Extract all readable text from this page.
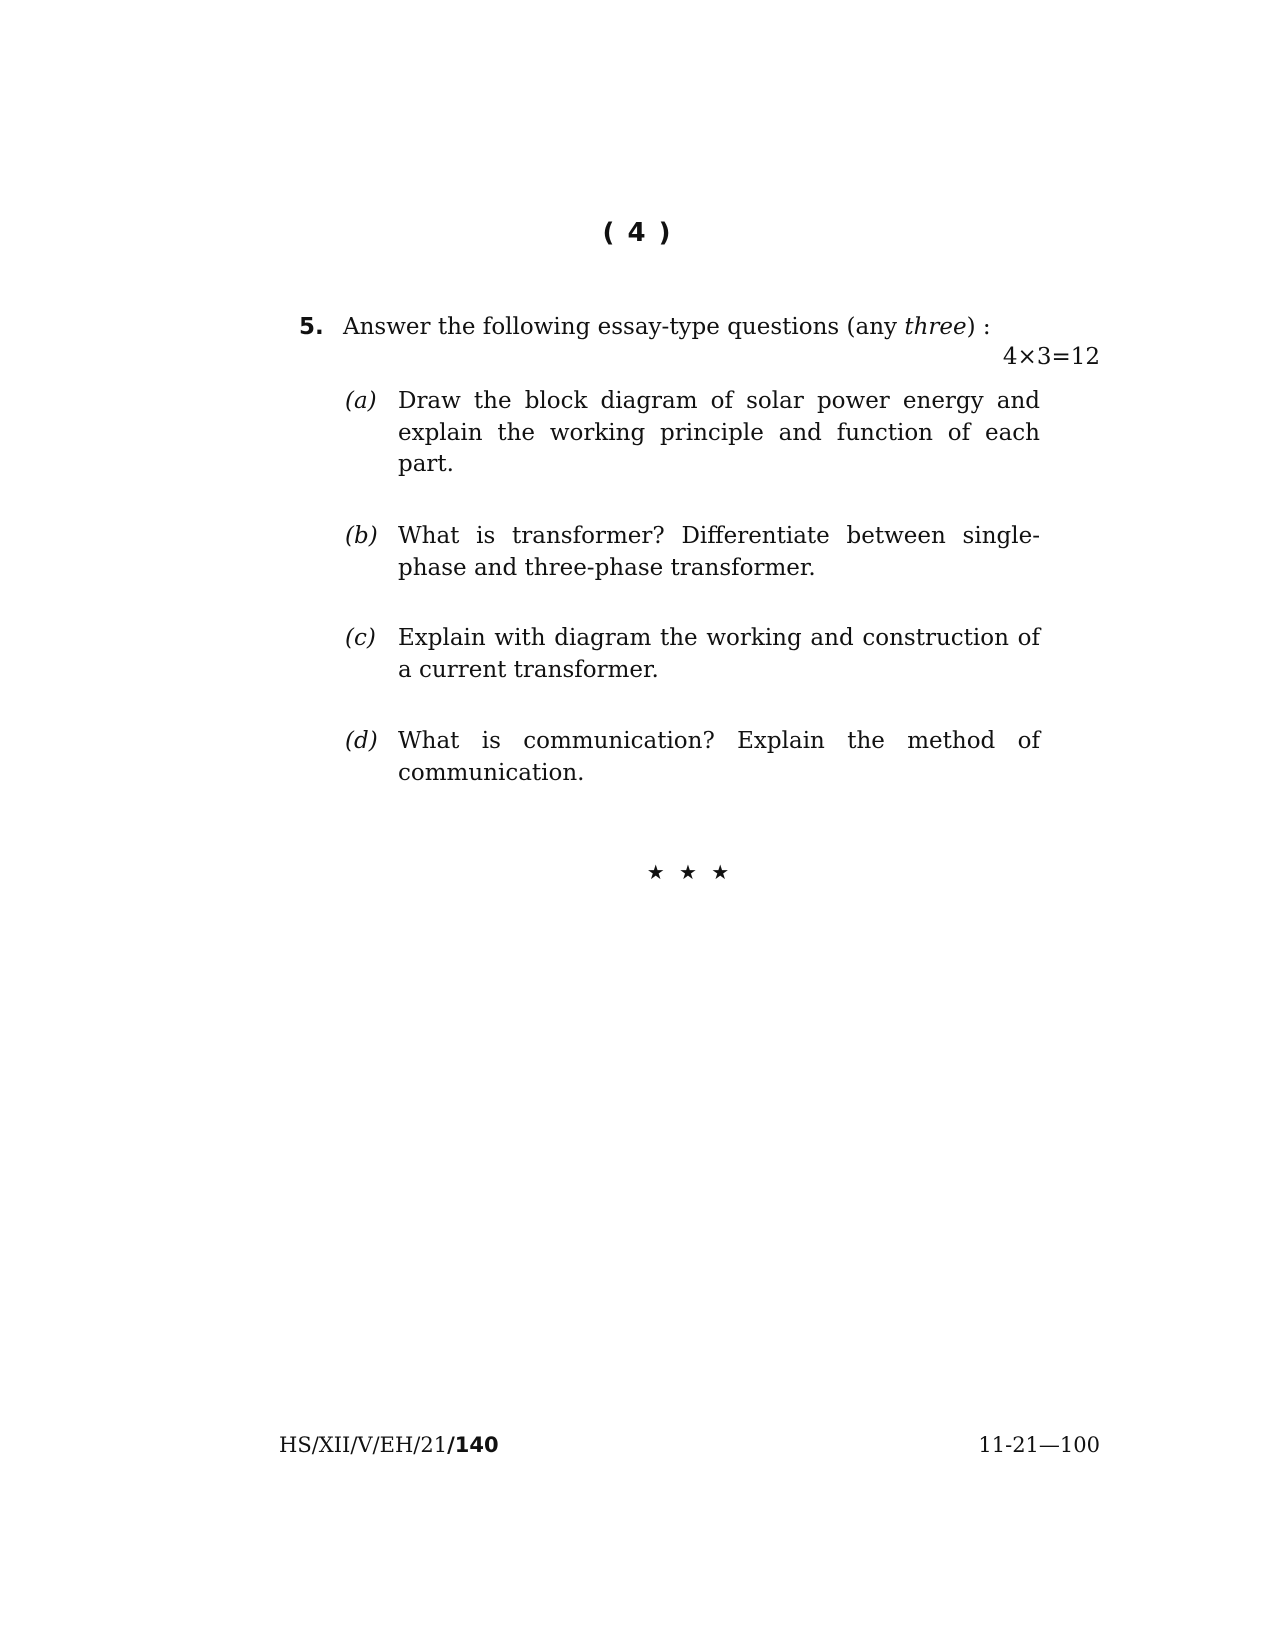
( 4 )
5. Answer the following essay-type questions (any three) :
4×3=12
(a) Draw the block diagram of solar power energy and explain the working principle and function of each part.
(b) What is transformer? Differentiate between single-phase and three-phase transformer.
(c) Explain with diagram the working and construction of a current transformer.
(d) What is communication? Explain the method of communication.
★ ★ ★
HS/XII/V/EH/21/140	11-21—100
